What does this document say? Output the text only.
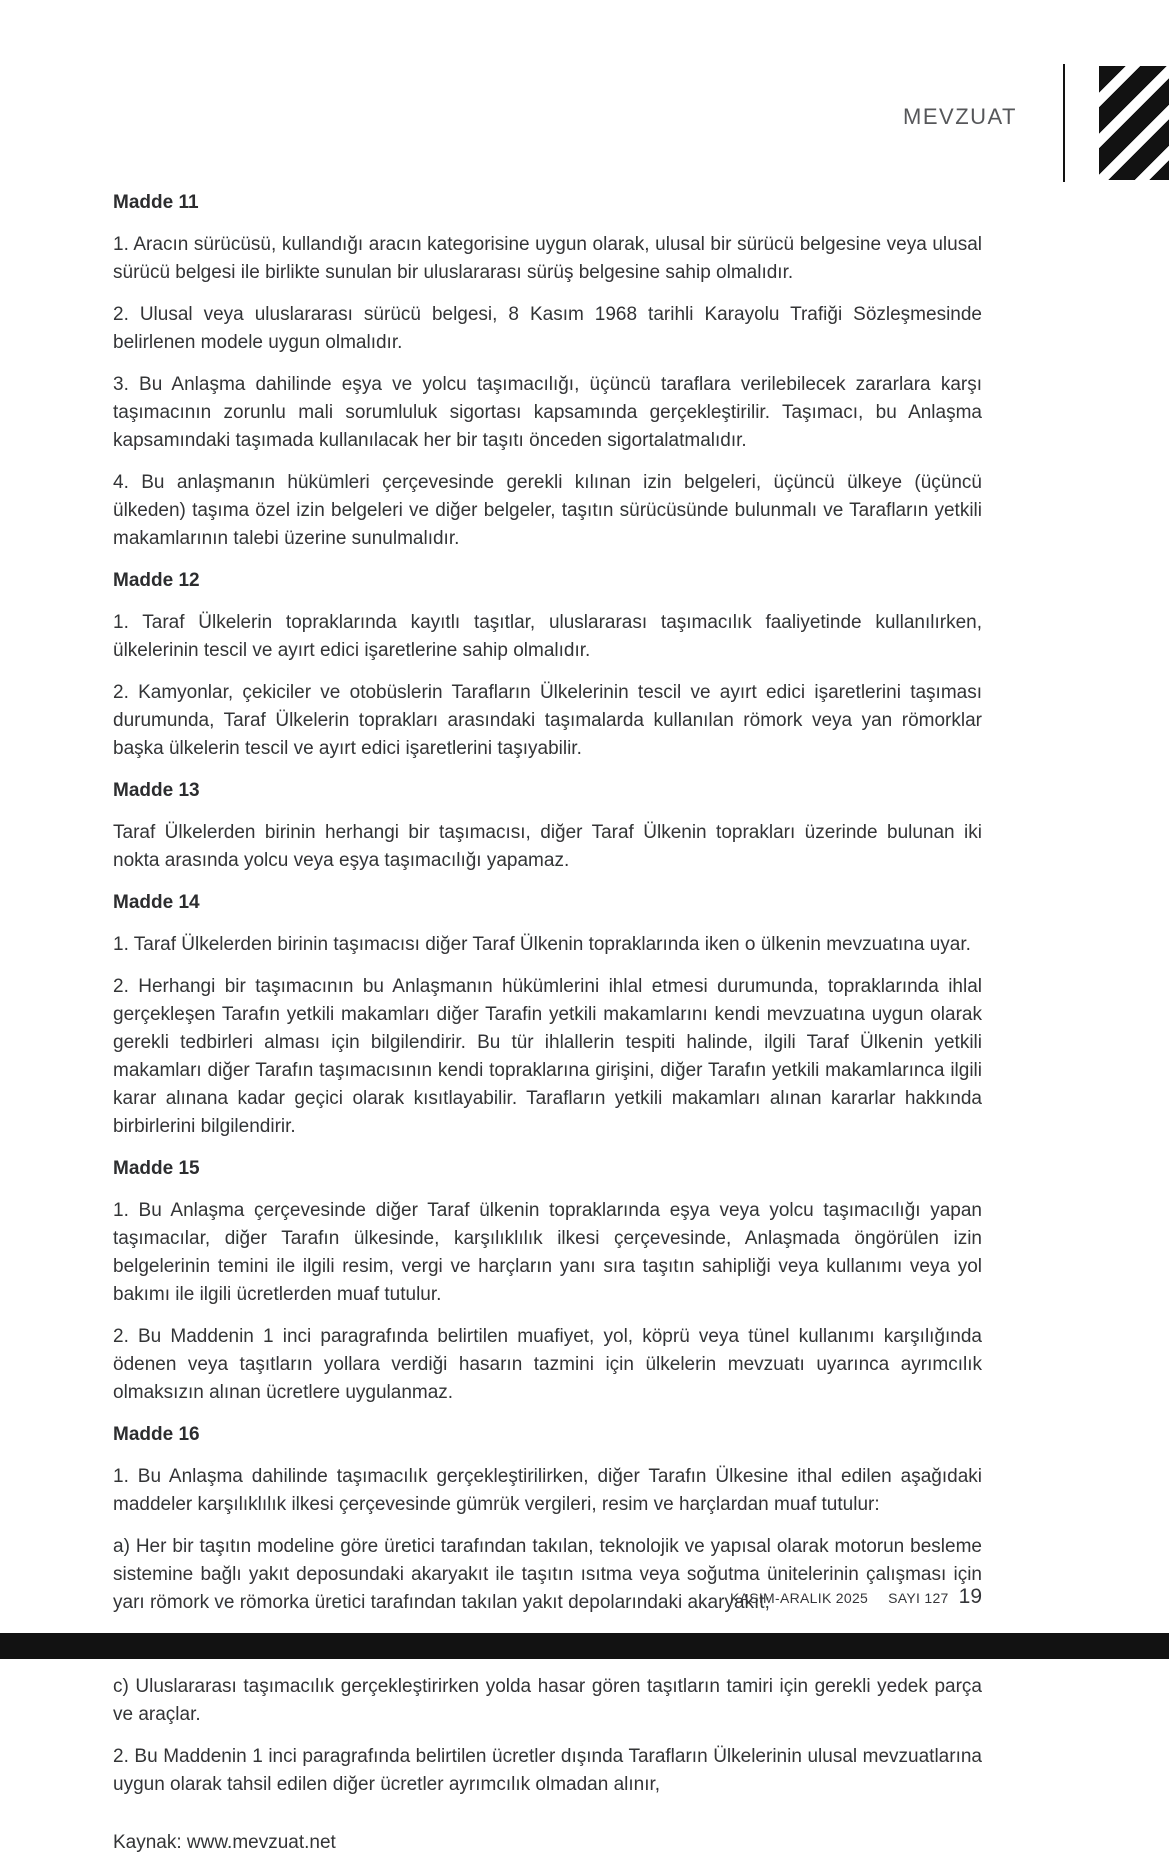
MEVZUAT
Madde 11

1. Aracın sürücüsü, kullandığı aracın kategorisine uygun olarak, ulusal bir sürücü belgesine veya ulusal sürücü belgesi ile birlikte sunulan bir uluslararası sürüş belgesine sahip olmalıdır.

2. Ulusal veya uluslararası sürücü belgesi, 8 Kasım 1968 tarihli Karayolu Trafiği Sözleşmesinde belirlenen modele uygun olmalıdır.

3. Bu Anlaşma dahilinde eşya ve yolcu taşımacılığı, üçüncü taraflara verilebilecek zararlara karşı taşımacının zorunlu mali sorumluluk sigortası kapsamında gerçekleştirilir. Taşımacı, bu Anlaşma kapsamındaki taşımada kullanılacak her bir taşıtı önceden sigortalatmalıdır.

4. Bu anlaşmanın hükümleri çerçevesinde gerekli kılınan izin belgeleri, üçüncü ülkeye (üçüncü ülkeden) taşıma özel izin belgeleri ve diğer belgeler, taşıtın sürücüsünde bulunmalı ve Tarafların yetkili makamlarının talebi üzerine sunulmalıdır.

Madde 12

1. Taraf Ülkelerin topraklarında kayıtlı taşıtlar, uluslararası taşımacılık faaliyetinde kullanılırken, ülkelerinin tescil ve ayırt edici işaretlerine sahip olmalıdır.

2. Kamyonlar, çekiciler ve otobüslerin Tarafların Ülkelerinin tescil ve ayırt edici işaretlerini taşıması durumunda, Taraf Ülkelerin toprakları arasındaki taşımalarda kullanılan römork veya yan römorklar başka ülkelerin tescil ve ayırt edici işaretlerini taşıyabilir.

Madde 13

Taraf Ülkelerden birinin herhangi bir taşımacısı, diğer Taraf Ülkenin toprakları üzerinde bulunan iki nokta arasında yolcu veya eşya taşımacılığı yapamaz.

Madde 14

1. Taraf Ülkelerden birinin taşımacısı diğer Taraf Ülkenin topraklarında iken o ülkenin mevzuatına uyar.

2. Herhangi bir taşımacının bu Anlaşmanın hükümlerini ihlal etmesi durumunda, topraklarında ihlal gerçekleşen Tarafın yetkili makamları diğer Tarafin yetkili makamlarını kendi mevzuatına uygun olarak gerekli tedbirleri alması için bilgilendirir. Bu tür ihlallerin tespiti halinde, ilgili Taraf Ülkenin yetkili makamları diğer Tarafın taşımacısının kendi topraklarına girişini, diğer Tarafın yetkili makamlarınca ilgili karar alınana kadar geçici olarak kısıtlayabilir. Tarafların yetkili makamları alınan kararlar hakkında birbirlerini bilgilendirir.

Madde 15

1. Bu Anlaşma çerçevesinde diğer Taraf ülkenin topraklarında eşya veya yolcu taşımacılığı yapan taşımacılar, diğer Tarafın ülkesinde, karşılıklılık ilkesi çerçevesinde, Anlaşmada öngörülen izin belgelerinin temini ile ilgili resim, vergi ve harçların yanı sıra taşıtın sahipliği veya kullanımı veya yol bakımı ile ilgili ücretlerden muaf tutulur.

2. Bu Maddenin 1 inci paragrafında belirtilen muafiyet, yol, köprü veya tünel kullanımı karşılığında ödenen veya taşıtların yollara verdiği hasarın tazmini için ülkelerin mevzuatı uyarınca ayrımcılık olmaksızın alınan ücretlere uygulanmaz.

Madde 16

1. Bu Anlaşma dahilinde taşımacılık gerçekleştirilirken, diğer Tarafın Ülkesine ithal edilen aşağıdaki maddeler karşılıklılık ilkesi çerçevesinde gümrük vergileri, resim ve harçlardan muaf tutulur:

a) Her bir taşıtın modeline göre üretici tarafından takılan, teknolojik ve yapısal olarak motorun besleme sistemine bağlı yakıt deposundaki akaryakıt ile taşıtın ısıtma veya soğutma ünitelerinin çalışması için yarı römork ve römorka üretici tarafından takılan yakıt depolarındaki akaryakıt;

c) Uluslararası taşımacılık gerçekleştirirken yolda hasar gören taşıtların tamiri için gerekli yedek parça ve araçlar.

2. Bu Maddenin 1 inci paragrafında belirtilen ücretler dışında Tarafların Ülkelerinin ulusal mevzuatlarına uygun olarak tahsil edilen diğer ücretler ayrımcılık olmadan alınır,

Kaynak: www.mevzuat.net

KASIM-ARALIK 2025 SAYI 127 19
